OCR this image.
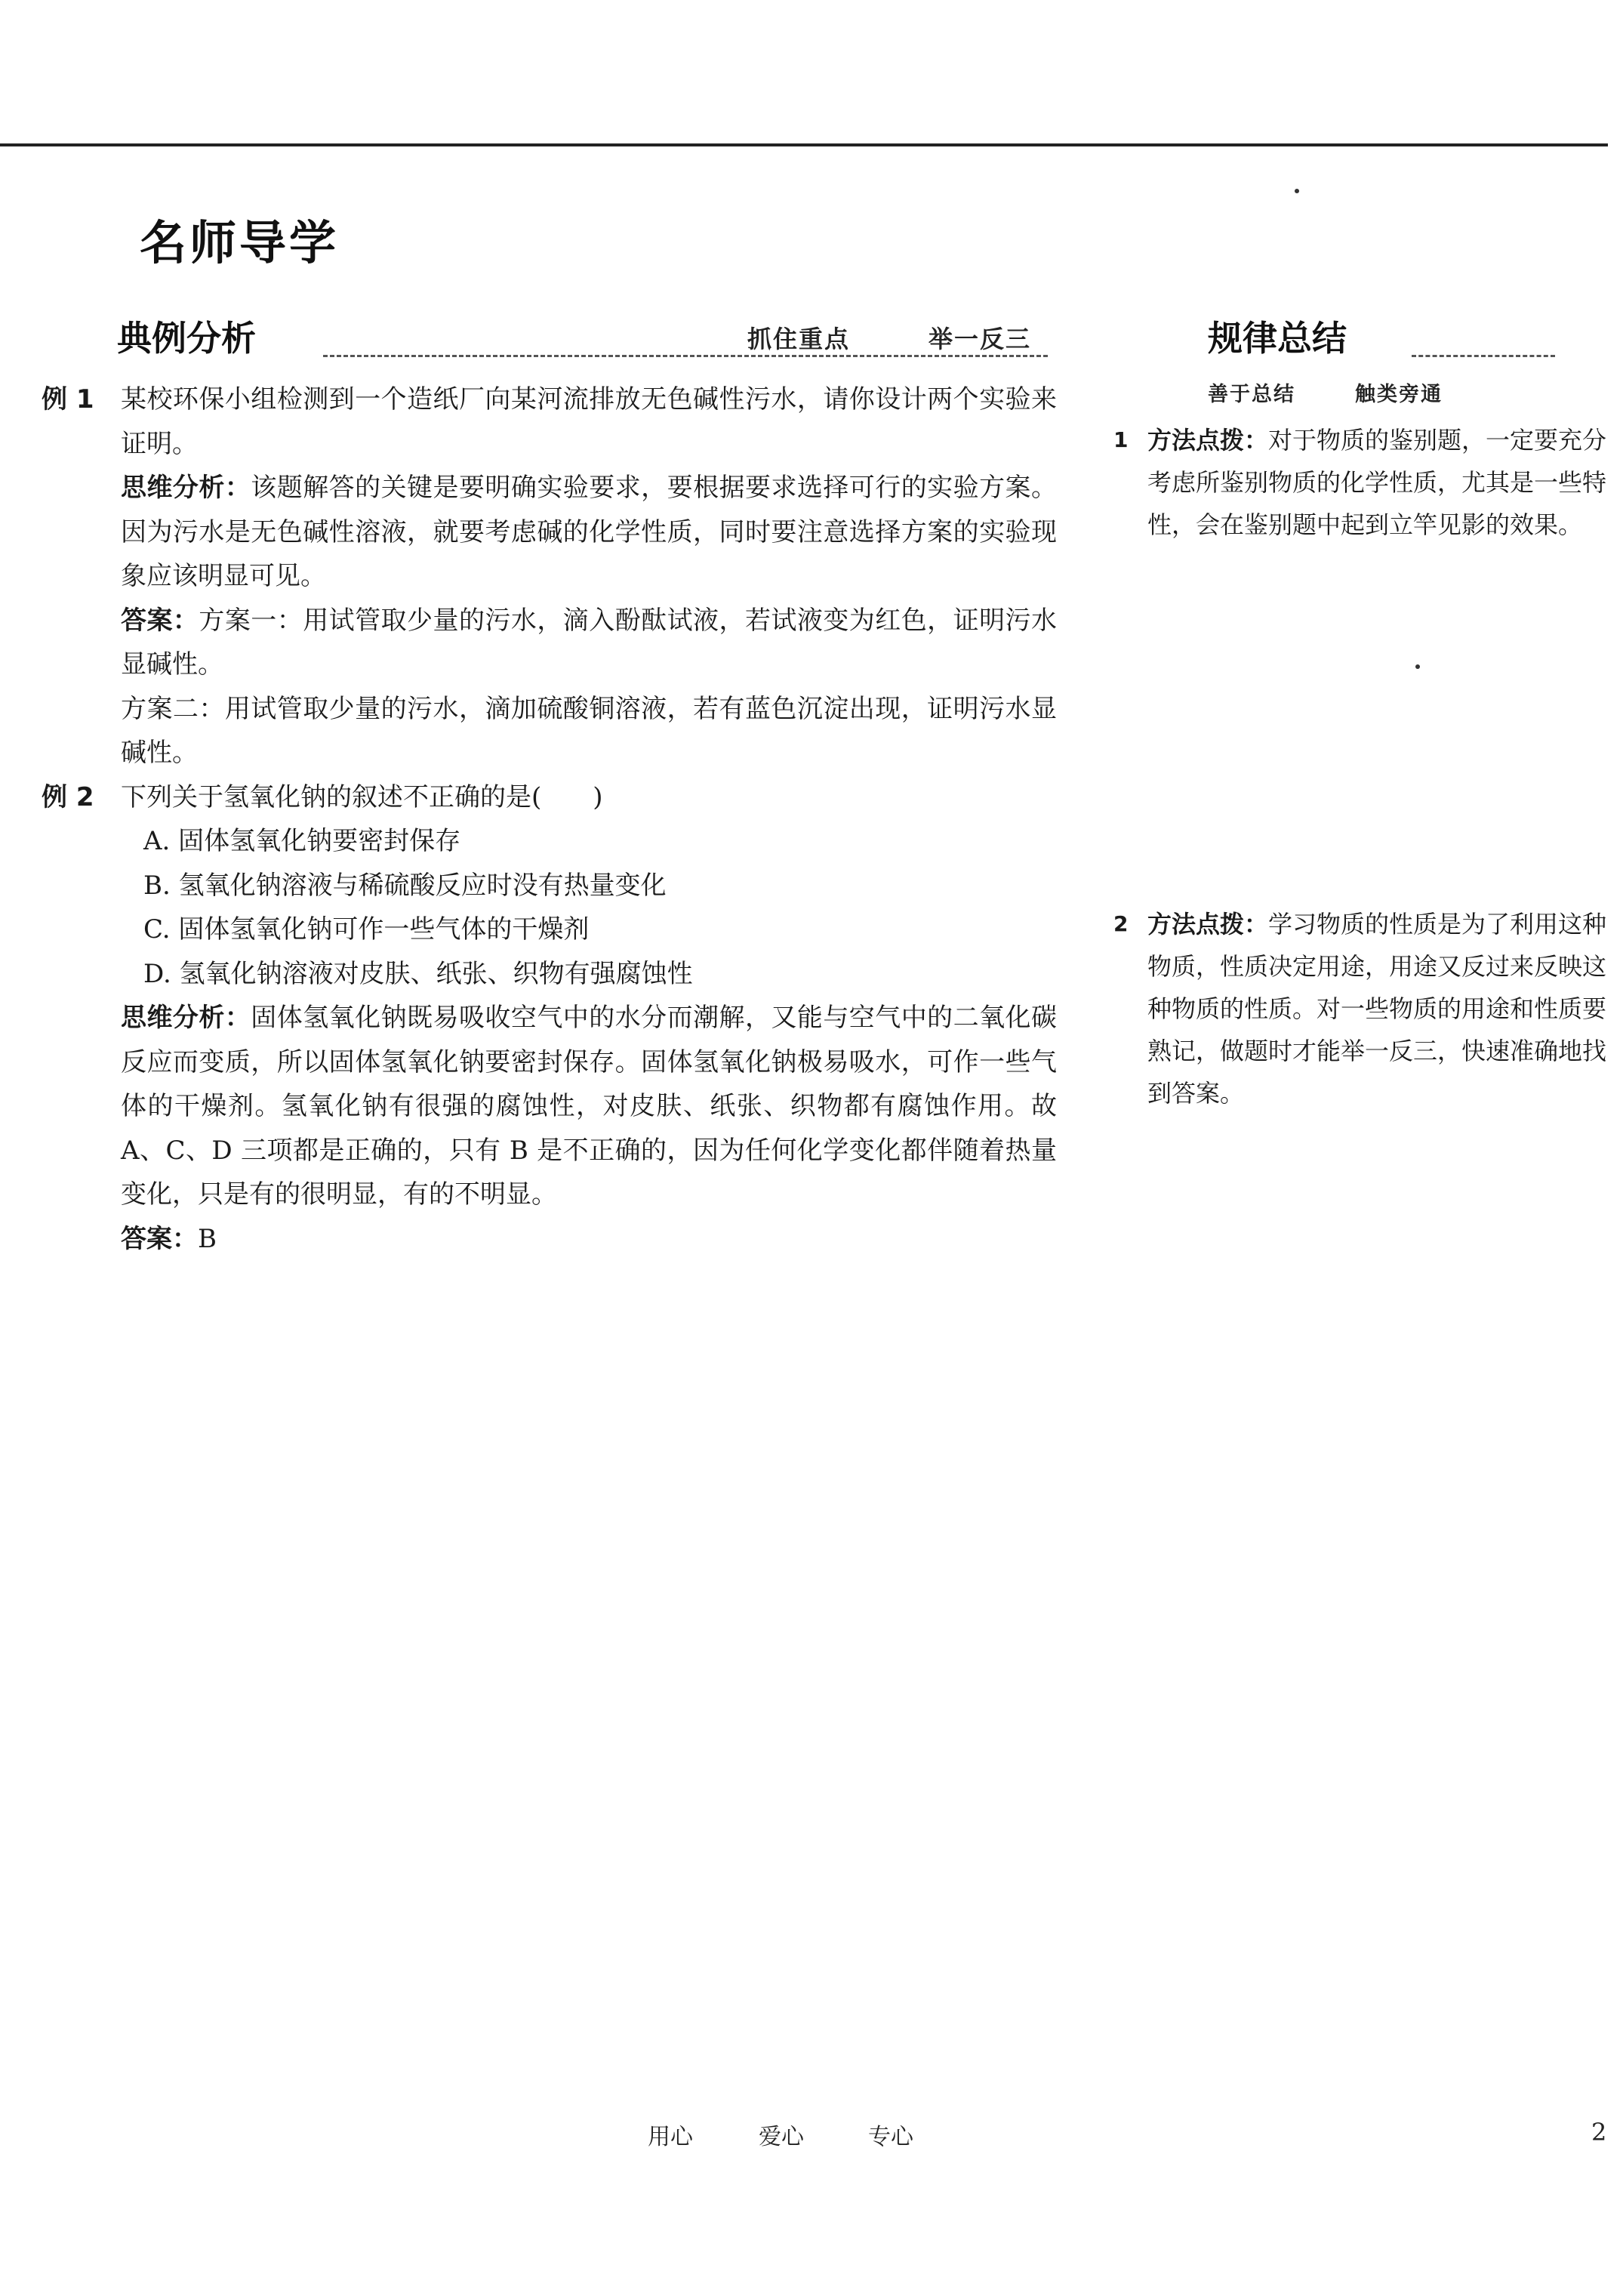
名师导学
典例分析	抓住重点	举一反三	规律总结
善于总结	触类旁通
例 1 某校环保小组检测到一个造纸厂向某河流排放无色碱性污水，请你设计两个实验来证明。

思维分析：该题解答的关键是要明确实验要求，要根据要求选择可行的实验方案。因为污水是无色碱性溶液，就要考虑碱的化学性质，同时要注意选择方案的实验现象应该明显可见。

答案：方案一：用试管取少量的污水，滴入酚酞试液，若试液变为红色，证明污水显碱性。

方案二：用试管取少量的污水，滴加硫酸铜溶液，若有蓝色沉淀出现，证明污水显碱性。

例 2 下列关于氢氧化钠的叙述不正确的是(　　)

A. 固体氢氧化钠要密封保存

B. 氢氧化钠溶液与稀硫酸反应时没有热量变化

C. 固体氢氧化钠可作一些气体的干燥剂

D. 氢氧化钠溶液对皮肤、纸张、织物有强腐蚀性

思维分析：固体氢氧化钠既易吸收空气中的水分而潮解，又能与空气中的二氧化碳反应而变质，所以固体氢氧化钠要密封保存。固体氢氧化钠极易吸水，可作一些气体的干燥剂。氢氧化钠有很强的腐蚀性，对皮肤、纸张、织物都有腐蚀作用。故 A、C、D 三项都是正确的，只有 B 是不正确的，因为任何化学变化都伴随着热量变化，只是有的很明显，有的不明显。

答案：B

1 方法点拨：对于物质的鉴别题，一定要充分考虑所鉴别物质的化学性质，尤其是一些特性，会在鉴别题中起到立竿见影的效果。
2 方法点拨：学习物质的性质是为了利用这种物质，性质决定用途，用途又反过来反映这种物质的性质。对一些物质的用途和性质要熟记，做题时才能举一反三，快速准确地找到答案。
用心	爱心	专心	2
